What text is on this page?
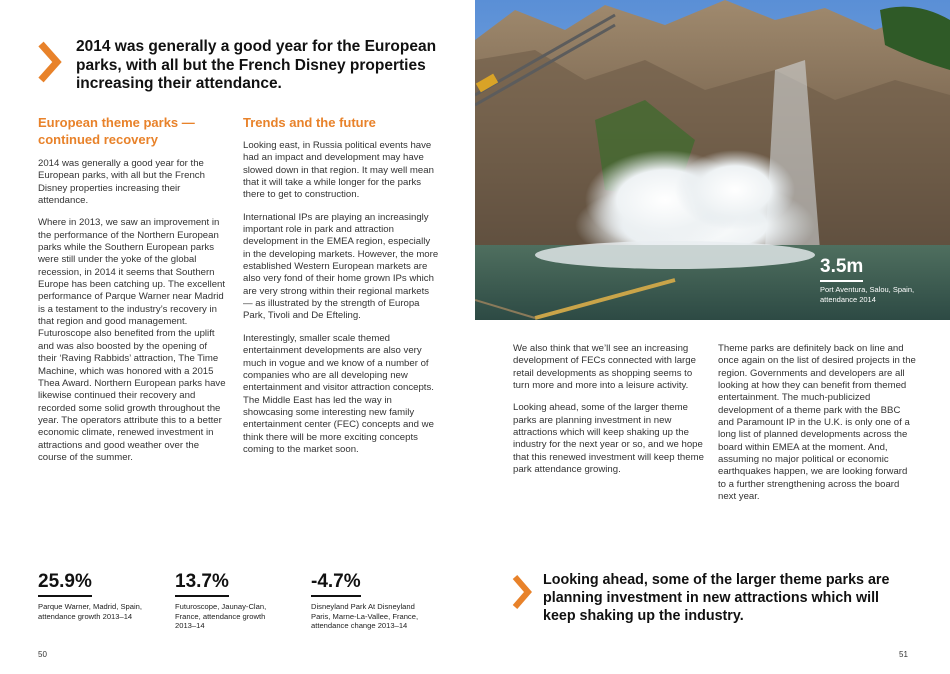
2014 was generally a good year for the European parks, with all but the French Disney properties increasing their attendance.
European theme parks — continued recovery

2014 was generally a good year for the European parks, with all but the French Disney properties increasing their attendance.

Where in 2013, we saw an improvement in the performance of the Northern European parks while the Southern European parks were still under the yoke of the global recession, in 2014 it seems that Southern Europe has been catching up. The excellent performance of Parque Warner near Madrid is a testament to the industry’s recovery in that region and good management. Futuroscope also benefited from the uplift and was also boosted by the opening of their ‘Raving Rabbids’ attraction, The Time Machine, which was honored with a 2015 Thea Award. Northern European parks have likewise continued their recovery and recorded some solid growth throughout the year. The operators attribute this to a better economic climate, renewed investment in attractions and good weather over the course of the summer.

Trends and the future

Looking east, in Russia political events have had an impact and development may have slowed down in that region. It may well mean that it will take a while longer for the parks there to get to construction.

International IPs are playing an increasingly important role in park and attraction development in the EMEA region, especially in the developing markets. However, the more established Western European markets are also very fond of their home grown IPs which are very strong within their regional markets — as illustrated by the strength of Europa Park, Tivoli and De Efteling.

Interestingly, smaller scale themed entertainment developments are also very much in vogue and we know of a number of companies who are all developing new entertainment and visitor attraction concepts. The Middle East has led the way in showcasing some interesting new family entertainment center (FEC) concepts and we think there will be more exciting concepts coming to the market soon.

3.5m
Port Aventura, Salou, Spain, attendance 2014

We also think that we’ll see an increasing development of FECs connected with large retail developments as shopping seems to turn more and more into a leisure activity.

Looking ahead, some of the larger theme parks are planning investment in new attractions which will keep shaking up the industry for the next year or so, and we hope that this renewed investment will keep theme park attendance growing.

Theme parks are definitely back on line and once again on the list of desired projects in the region. Governments and developers are all looking at how they can benefit from themed entertainment. The much-publicized development of a theme park with the BBC and Paramount IP in the U.K. is only one of a long list of planned developments across the board within EMEA at the moment. And, assuming no major political or economic earthquakes happen, we are looking forward to a further strengthening across the board next year.

25.9%
Parque Warner, Madrid, Spain, attendance growth 2013–14
13.7%
Futuroscope, Jaunay-Clan, France, attendance growth 2013–14
-4.7%
Disneyland Park At Disneyland Paris, Marne-La-Vallee, France, attendance change 2013–14
Looking ahead, some of the larger theme parks are planning investment in new attractions which will keep shaking up the industry.
50	51
